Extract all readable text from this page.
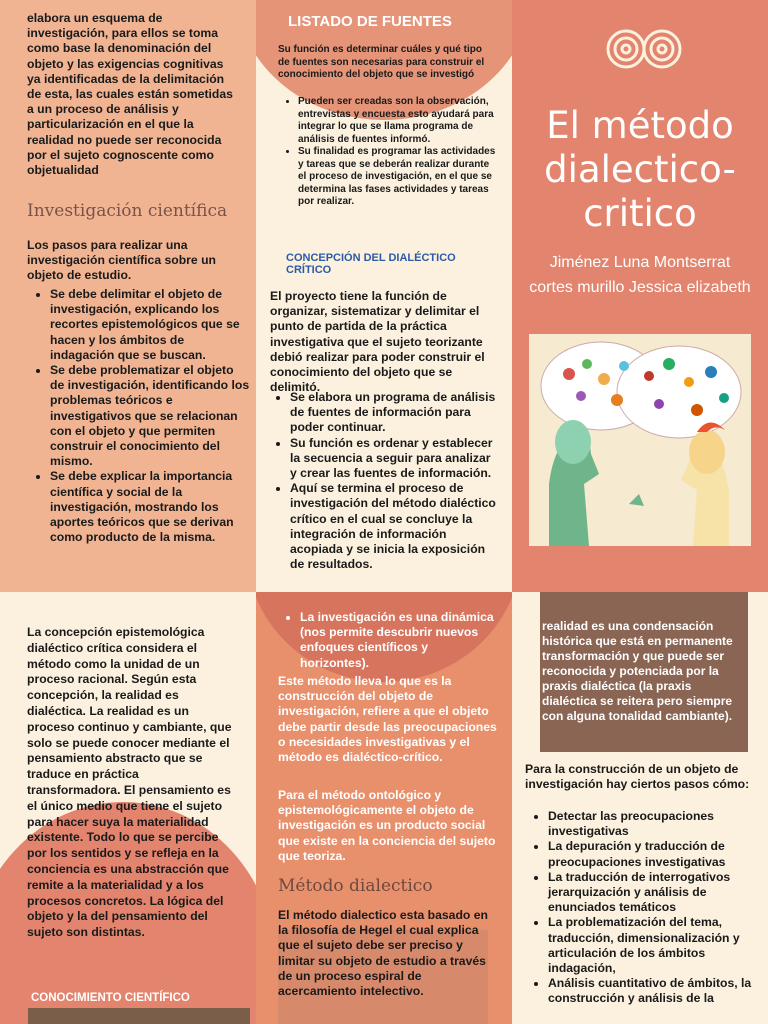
elabora un esquema de investigación, para ellos se toma como base la denominación del objeto y las exigencias cognitivas ya identificadas de la delimitación de esta, las cuales están sometidas a un proceso de análisis y particularización en el que la realidad no puede ser reconocida por el sujeto cognoscente como objetualidad

Investigación científica

Los pasos para realizar una investigación científica sobre un objeto de estudio.

• Se debe delimitar el objeto de investigación, explicando los recortes epistemológicos que se hacen y los ámbitos de indagación que se buscan.
• Se debe problematizar el objeto de investigación, identificando los problemas teóricos e investigativos que se relacionan con el objeto y que permiten construir el conocimiento del mismo.
• Se debe explicar la importancia científica y social de la investigación, mostrando los aportes teóricos que se derivan como producto de la misma.
LISTADO DE FUENTES

Su función es determinar cuáles y qué tipo de fuentes son necesarias para construir el conocimiento del objeto que se investigó

• Pueden ser creadas son la observación, entrevistas y encuesta esto ayudará para integrar lo que se llama programa de análisis de fuentes informó.
• Su finalidad es programar las actividades y tareas que se deberán realizar durante el proceso de investigación, en el que se determina las fases actividades y tareas por realizar.
CONCEPCIÓN DEL DIALÉCTICO CRÍTICO

El proyecto tiene la función de organizar, sistematizar y delimitar el punto de partida de la práctica investigativa que el sujeto teorizante debió realizar para poder construir el conocimiento del objeto que se delimitó.

• Se elabora un programa de análisis de fuentes de información para poder continuar.
• Su función es ordenar y establecer la secuencia a seguir para analizar y crear las fuentes de información.
• Aquí se termina el proceso de investigación del método dialéctico crítico en el cual se concluye la integración de información acopiada y se inicia la exposición de resultados.
El método dialectico-critico

Jiménez Luna Montserrat cortes murillo Jessica elizabeth

La concepción epistemológica dialéctico crítica considera el método como la unidad de un proceso racional. Según esta concepción, la realidad es dialéctica. La realidad es un proceso continuo y cambiante, que solo se puede conocer mediante el pensamiento abstracto que se traduce en práctica transformadora. El pensamiento es el único medio que tiene el sujeto para hacer suya la materialidad existente. Todo lo que se percibe por los sentidos y se refleja en la conciencia es una abstracción que remite a la materialidad y a los procesos concretos. La lógica del objeto y la del pensamiento del sujeto son distintas.

CONOCIMIENTO CIENTÍFICO
• La investigación es una dinámica (nos permite descubrir nuevos enfoques científicos y horizontes).

Este método lleva lo que es la construcción del objeto de investigación, refiere a que el objeto debe partir desde las preocupaciones o necesidades investigativas y el método es dialéctico-crítico.

Para el método ontológico y epistemológicamente el objeto de investigación es un producto social que existe en la conciencia del sujeto que teoriza.

Método dialectico

El método dialectico esta basado en la filosofía de Hegel el cual explica que el sujeto debe ser preciso y limitar su objeto de estudio a través de un proceso espiral de acercamiento intelectivo.

realidad es una condensación histórica que está en permanente transformación y que puede ser reconocida y potenciada por la praxis dialéctica (la praxis dialéctica se reitera pero siempre con alguna tonalidad cambiante).

Para la construcción de un objeto de investigación hay ciertos pasos cómo:

• Detectar las preocupaciones investigativas
• La depuración y traducción de preocupaciones investigativas
• La traducción de interrogativos jerarquización y análisis de enunciados temáticos
• La problematización del tema, traducción, dimensionalización y articulación de los ámbitos indagación,
• Análisis cuantitativo de ámbitos, la construcción y análisis de la
